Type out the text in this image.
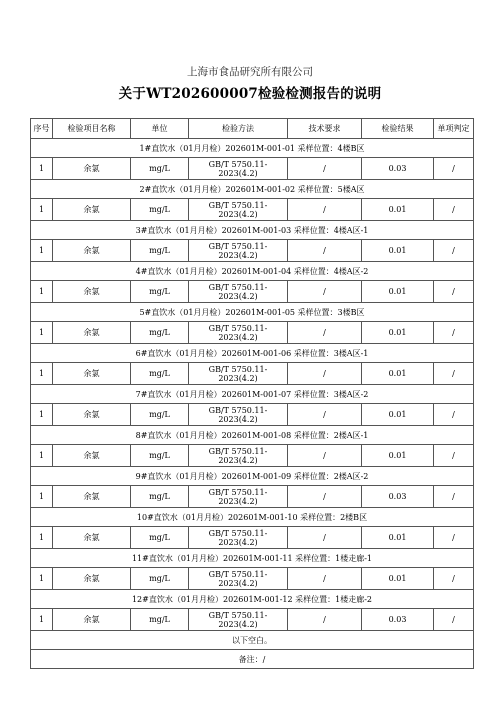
上海市食品研究所有限公司
关于WT202600007检验检测报告的说明
序号	检验项目名称	单位	检验方法	技术要求	检验结果	单项判定
1#直饮水（01月月检）202601M-001-01 采样位置：4楼B区						
1	余氯	mg/L	GB/T 5750.11-
2023(4.2)	/	0.03	/
2#直饮水（01月月检）202601M-001-02 采样位置：5楼A区						
1	余氯	mg/L	GB/T 5750.11-
2023(4.2)	/	0.01	/
3#直饮水（01月月检）202601M-001-03 采样位置：4楼A区-1						
1	余氯	mg/L	GB/T 5750.11-
2023(4.2)	/	0.01	/
4#直饮水（01月月检）202601M-001-04 采样位置：4楼A区-2						
1	余氯	mg/L	GB/T 5750.11-
2023(4.2)	/	0.01	/
5#直饮水（01月月检）202601M-001-05 采样位置：3楼B区						
1	余氯	mg/L	GB/T 5750.11-
2023(4.2)	/	0.01	/
6#直饮水（01月月检）202601M-001-06 采样位置：3楼A区-1						
1	余氯	mg/L	GB/T 5750.11-
2023(4.2)	/	0.01	/
7#直饮水（01月月检）202601M-001-07 采样位置：3楼A区-2						
1	余氯	mg/L	GB/T 5750.11-
2023(4.2)	/	0.01	/
8#直饮水（01月月检）202601M-001-08 采样位置：2楼A区-1						
1	余氯	mg/L	GB/T 5750.11-
2023(4.2)	/	0.01	/
9#直饮水（01月月检）202601M-001-09 采样位置：2楼A区-2						
1	余氯	mg/L	GB/T 5750.11-
2023(4.2)	/	0.03	/
10#直饮水（01月月检）202601M-001-10 采样位置：2楼B区						
1	余氯	mg/L	GB/T 5750.11-
2023(4.2)	/	0.01	/
11#直饮水（01月月检）202601M-001-11 采样位置：1楼走廊-1						
1	余氯	mg/L	GB/T 5750.11-
2023(4.2)	/	0.01	/
12#直饮水（01月月检）202601M-001-12 采样位置：1楼走廊-2						
1	余氯	mg/L	GB/T 5750.11-
2023(4.2)	/	0.03	/
以下空白。						
备注：/						
